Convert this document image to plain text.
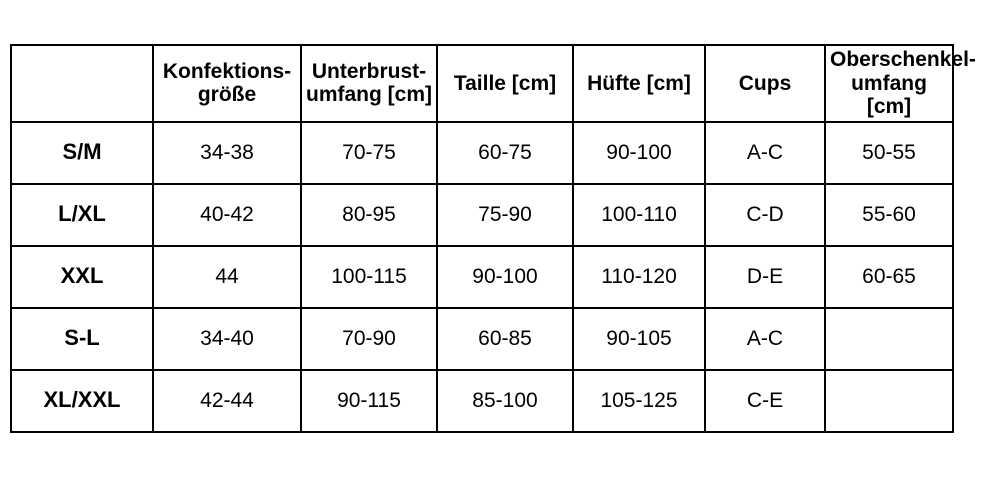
	Konfektions-größe	Unterbrust-umfang [cm]	Taille [cm]	Hüfte [cm]	Cups	Oberschenkel-umfang [cm]
S/M	34-38	70-75	60-75	90-100	A-C	50-55
L/XL	40-42	80-95	75-90	100-110	C-D	55-60
XXL	44	100-115	90-100	110-120	D-E	60-65
S-L	34-40	70-90	60-85	90-105	A-C	
XL/XXL	42-44	90-115	85-100	105-125	C-E	
